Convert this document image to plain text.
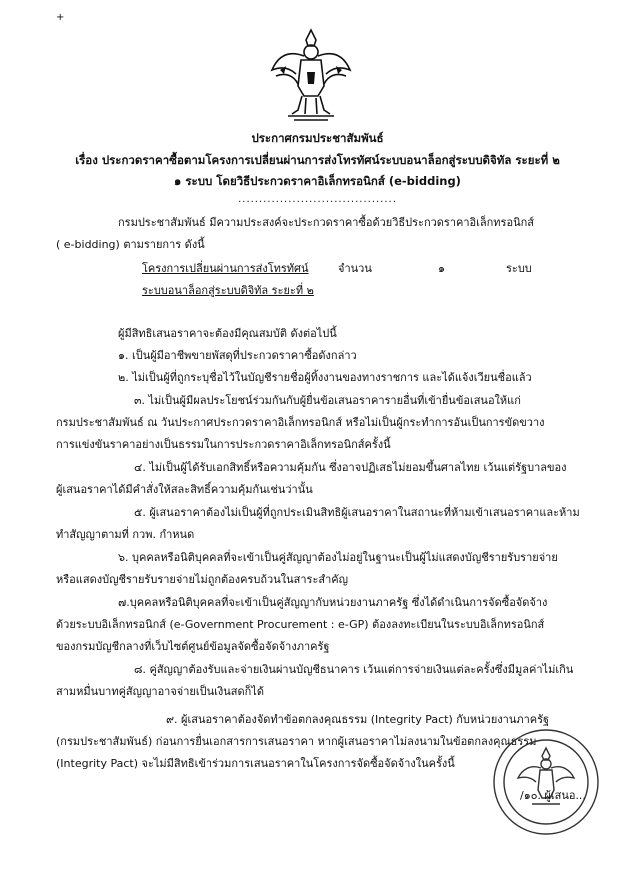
+
ประกาศกรมประชาสัมพันธ์
เรื่อง ประกวดราคาซื้อตามโครงการเปลี่ยนผ่านการส่งโทรทัศน์ระบบอนาล็อกสู่ระบบดิจิทัล ระยะที่ ๒
๑ ระบบ โดยวิธีประกวดราคาอิเล็กทรอนิกส์ (e-bidding)
......................................
กรมประชาสัมพันธ์ มีความประสงค์จะประกวดราคาซื้อด้วยวิธีประกวดราคาอิเล็กทรอนิกส์
( e-bidding) ตามรายการ ดังนี้
โครงการเปลี่ยนผ่านการส่งโทรทัศน์	จำนวน	๑	ระบบ
ระบบอนาล็อกสู่ระบบดิจิทัล ระยะที่ ๒
ผู้มีสิทธิเสนอราคาจะต้องมีคุณสมบัติ ดังต่อไปนี้
๑. เป็นผู้มีอาชีพขายพัสดุที่ประกวดราคาซื้อดังกล่าว
๒. ไม่เป็นผู้ที่ถูกระบุชื่อไว้ในบัญชีรายชื่อผู้ทิ้งงานของทางราชการ และได้แจ้งเวียนชื่อแล้ว
๓. ไม่เป็นผู้มีผลประโยชน์ร่วมกันกับผู้ยื่นข้อเสนอราคารายอื่นที่เข้ายื่นข้อเสนอให้แก่
กรมประชาสัมพันธ์ ณ วันประกาศประกวดราคาอิเล็กทรอนิกส์ หรือไม่เป็นผู้กระทำการอันเป็นการขัดขวาง
การแข่งขันราคาอย่างเป็นธรรมในการประกวดราคาอิเล็กทรอนิกส์ครั้งนี้
๔. ไม่เป็นผู้ได้รับเอกสิทธิ์หรือความคุ้มกัน ซึ่งอาจปฏิเสธไม่ยอมขึ้นศาลไทย เว้นแต่รัฐบาลของ
ผู้เสนอราคาได้มีคำสั่งให้สละสิทธิ์ความคุ้มกันเช่นว่านั้น
๕. ผู้เสนอราคาต้องไม่เป็นผู้ที่ถูกประเมินสิทธิผู้เสนอราคาในสถานะที่ห้ามเข้าเสนอราคาและห้าม
ทำสัญญาตามที่ กวพ. กำหนด
๖. บุคคลหรือนิติบุคคลที่จะเข้าเป็นคู่สัญญาต้องไม่อยู่ในฐานะเป็นผู้ไม่แสดงบัญชีรายรับรายจ่าย
หรือแสดงบัญชีรายรับรายจ่ายไม่ถูกต้องครบถ้วนในสาระสำคัญ
๗.บุคคลหรือนิติบุคคลที่จะเข้าเป็นคู่สัญญากับหน่วยงานภาครัฐ ซึ่งได้ดำเนินการจัดซื้อจัดจ้าง
ด้วยระบบอิเล็กทรอนิกส์ (e-Government Procurement : e-GP) ต้องลงทะเบียนในระบบอิเล็กทรอนิกส์
ของกรมบัญชีกลางที่เว็บไซต์ศูนย์ข้อมูลจัดซื้อจัดจ้างภาครัฐ
๘. คู่สัญญาต้องรับและจ่ายเงินผ่านบัญชีธนาคาร เว้นแต่การจ่ายเงินแต่ละครั้งซึ่งมีมูลค่าไม่เกิน
สามหมื่นบาทคู่สัญญาอาจจ่ายเป็นเงินสดก็ได้
๙. ผู้เสนอราคาต้องจัดทำข้อตกลงคุณธรรม (Integrity Pact) กับหน่วยงานภาครัฐ
(กรมประชาสัมพันธ์) ก่อนการยื่นเอกสารการเสนอราคา หากผู้เสนอราคาไม่ลงนามในข้อตกลงคุณธรรม
(Integrity Pact) จะไม่มีสิทธิเข้าร่วมการเสนอราคาในโครงการจัดซื้อจัดจ้างในครั้งนี้
/๑๐. ผู้เสนอ...
